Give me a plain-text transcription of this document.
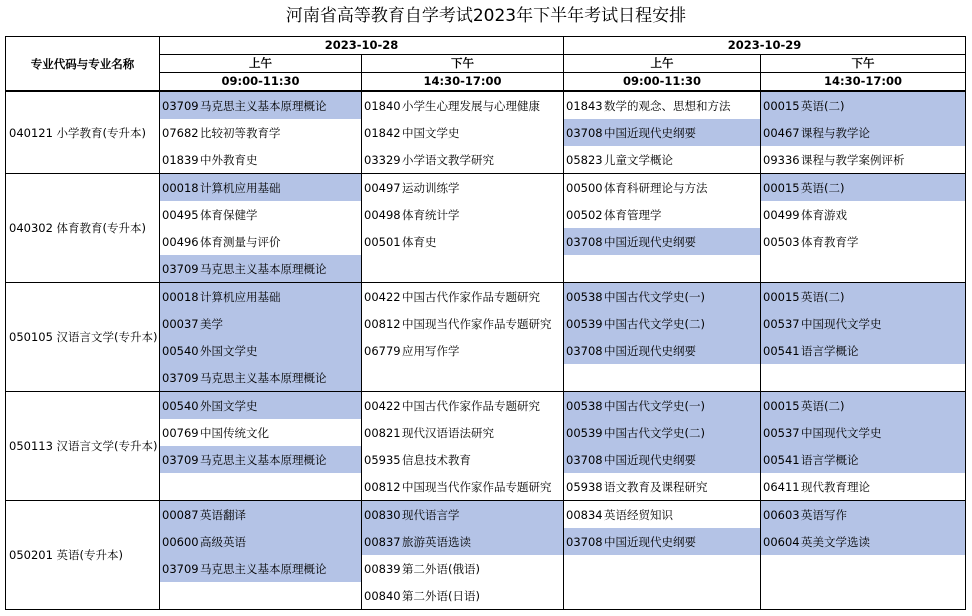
河南省高等教育自学考试2023年下半年考试日程安排
专业代码与专业名称	2023-10-28		2023-10-29	
	上午	下午	上午	下午
	09:00-11:30	14:30-17:00	09:00-11:30	14:30-17:00
040121 小学教育(专升本)	03709马克思主义基本原理概论	01840小学生心理发展与心理健康	01843数学的观念、思想和方法	00015英语(二)
	07682比较初等教育学	01842中国文学史	03708中国近现代史纲要	00467课程与教学论
	01839中外教育史	03329小学语文教学研究	05823儿童文学概论	09336课程与教学案例评析
040302 体育教育(专升本)	00018计算机应用基础	00497运动训练学	00500体育科研理论与方法	00015英语(二)
	00495体育保健学	00498体育统计学	00502体育管理学	00499体育游戏
	00496体育测量与评价	00501体育史	03708中国近现代史纲要	00503体育教育学
	03709马克思主义基本原理概论			
050105 汉语言文学(专升本)	00018计算机应用基础	00422中国古代作家作品专题研究	00538中国古代文学史(一)	00015英语(二)
	00037美学	00812中国现当代作家作品专题研究	00539中国古代文学史(二)	00537中国现代文学史
	00540外国文学史	06779应用写作学	03708中国近现代史纲要	00541语言学概论
	03709马克思主义基本原理概论			
050113 汉语言文学(专升本)	00540外国文学史	00422中国古代作家作品专题研究	00538中国古代文学史(一)	00015英语(二)
	00769中国传统文化	00821现代汉语语法研究	00539中国古代文学史(二)	00537中国现代文学史
	03709马克思主义基本原理概论	05935信息技术教育	03708中国近现代史纲要	00541语言学概论
		00812中国现当代作家作品专题研究	05938语文教育及课程研究	06411现代教育理论
050201 英语(专升本)	00087英语翻译	00830现代语言学	00834英语经贸知识	00603英语写作
	00600高级英语	00837旅游英语选读	03708中国近现代史纲要	00604英美文学选读
	03709马克思主义基本原理概论	00839第二外语(俄语)		
		00840第二外语(日语)		
